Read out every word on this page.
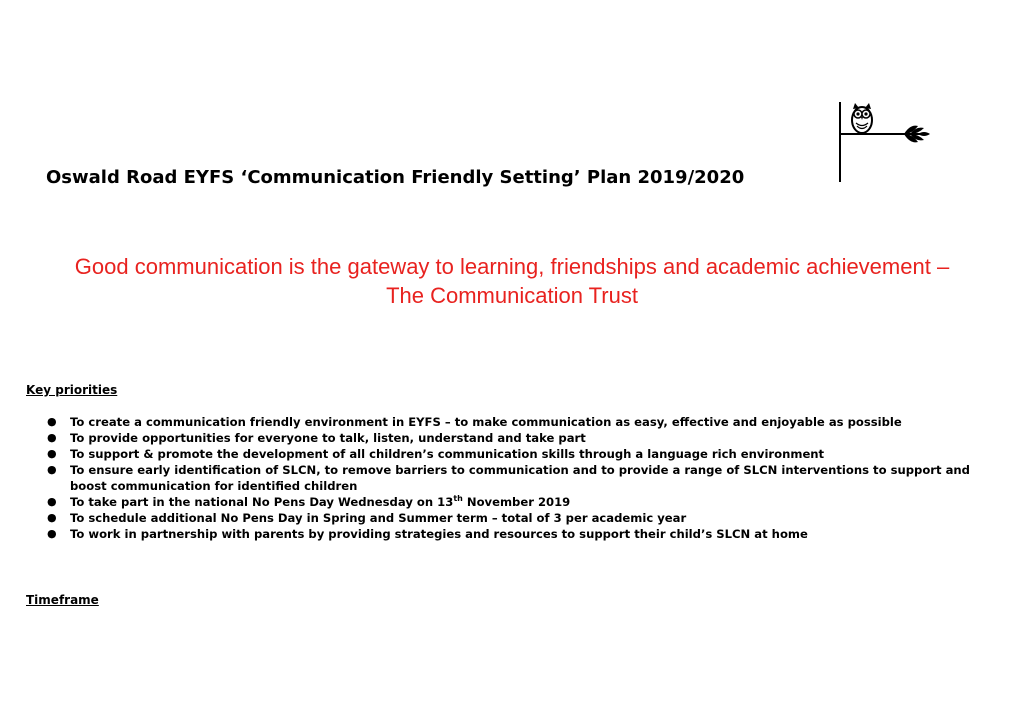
Oswald Road EYFS ‘Communication Friendly Setting’ Plan 2019/2020

Good communication is the gateway to learning, friendships and academic achievement –
The Communication Trust

Key priorities
● To create a communication friendly environment in EYFS – to make communication as easy, effective and enjoyable as possible
● To provide opportunities for everyone to talk, listen, understand and take part
● To support & promote the development of all children’s communication skills through a language rich environment
● To ensure early identification of SLCN, to remove barriers to communication and to provide a range of SLCN interventions to support and boost communication for identified children
● To take part in the national No Pens Day Wednesday on 13th November 2019
● To schedule additional No Pens Day in Spring and Summer term – total of 3 per academic year
● To work in partnership with parents by providing strategies and resources to support their child’s SLCN at home
Timeframe
